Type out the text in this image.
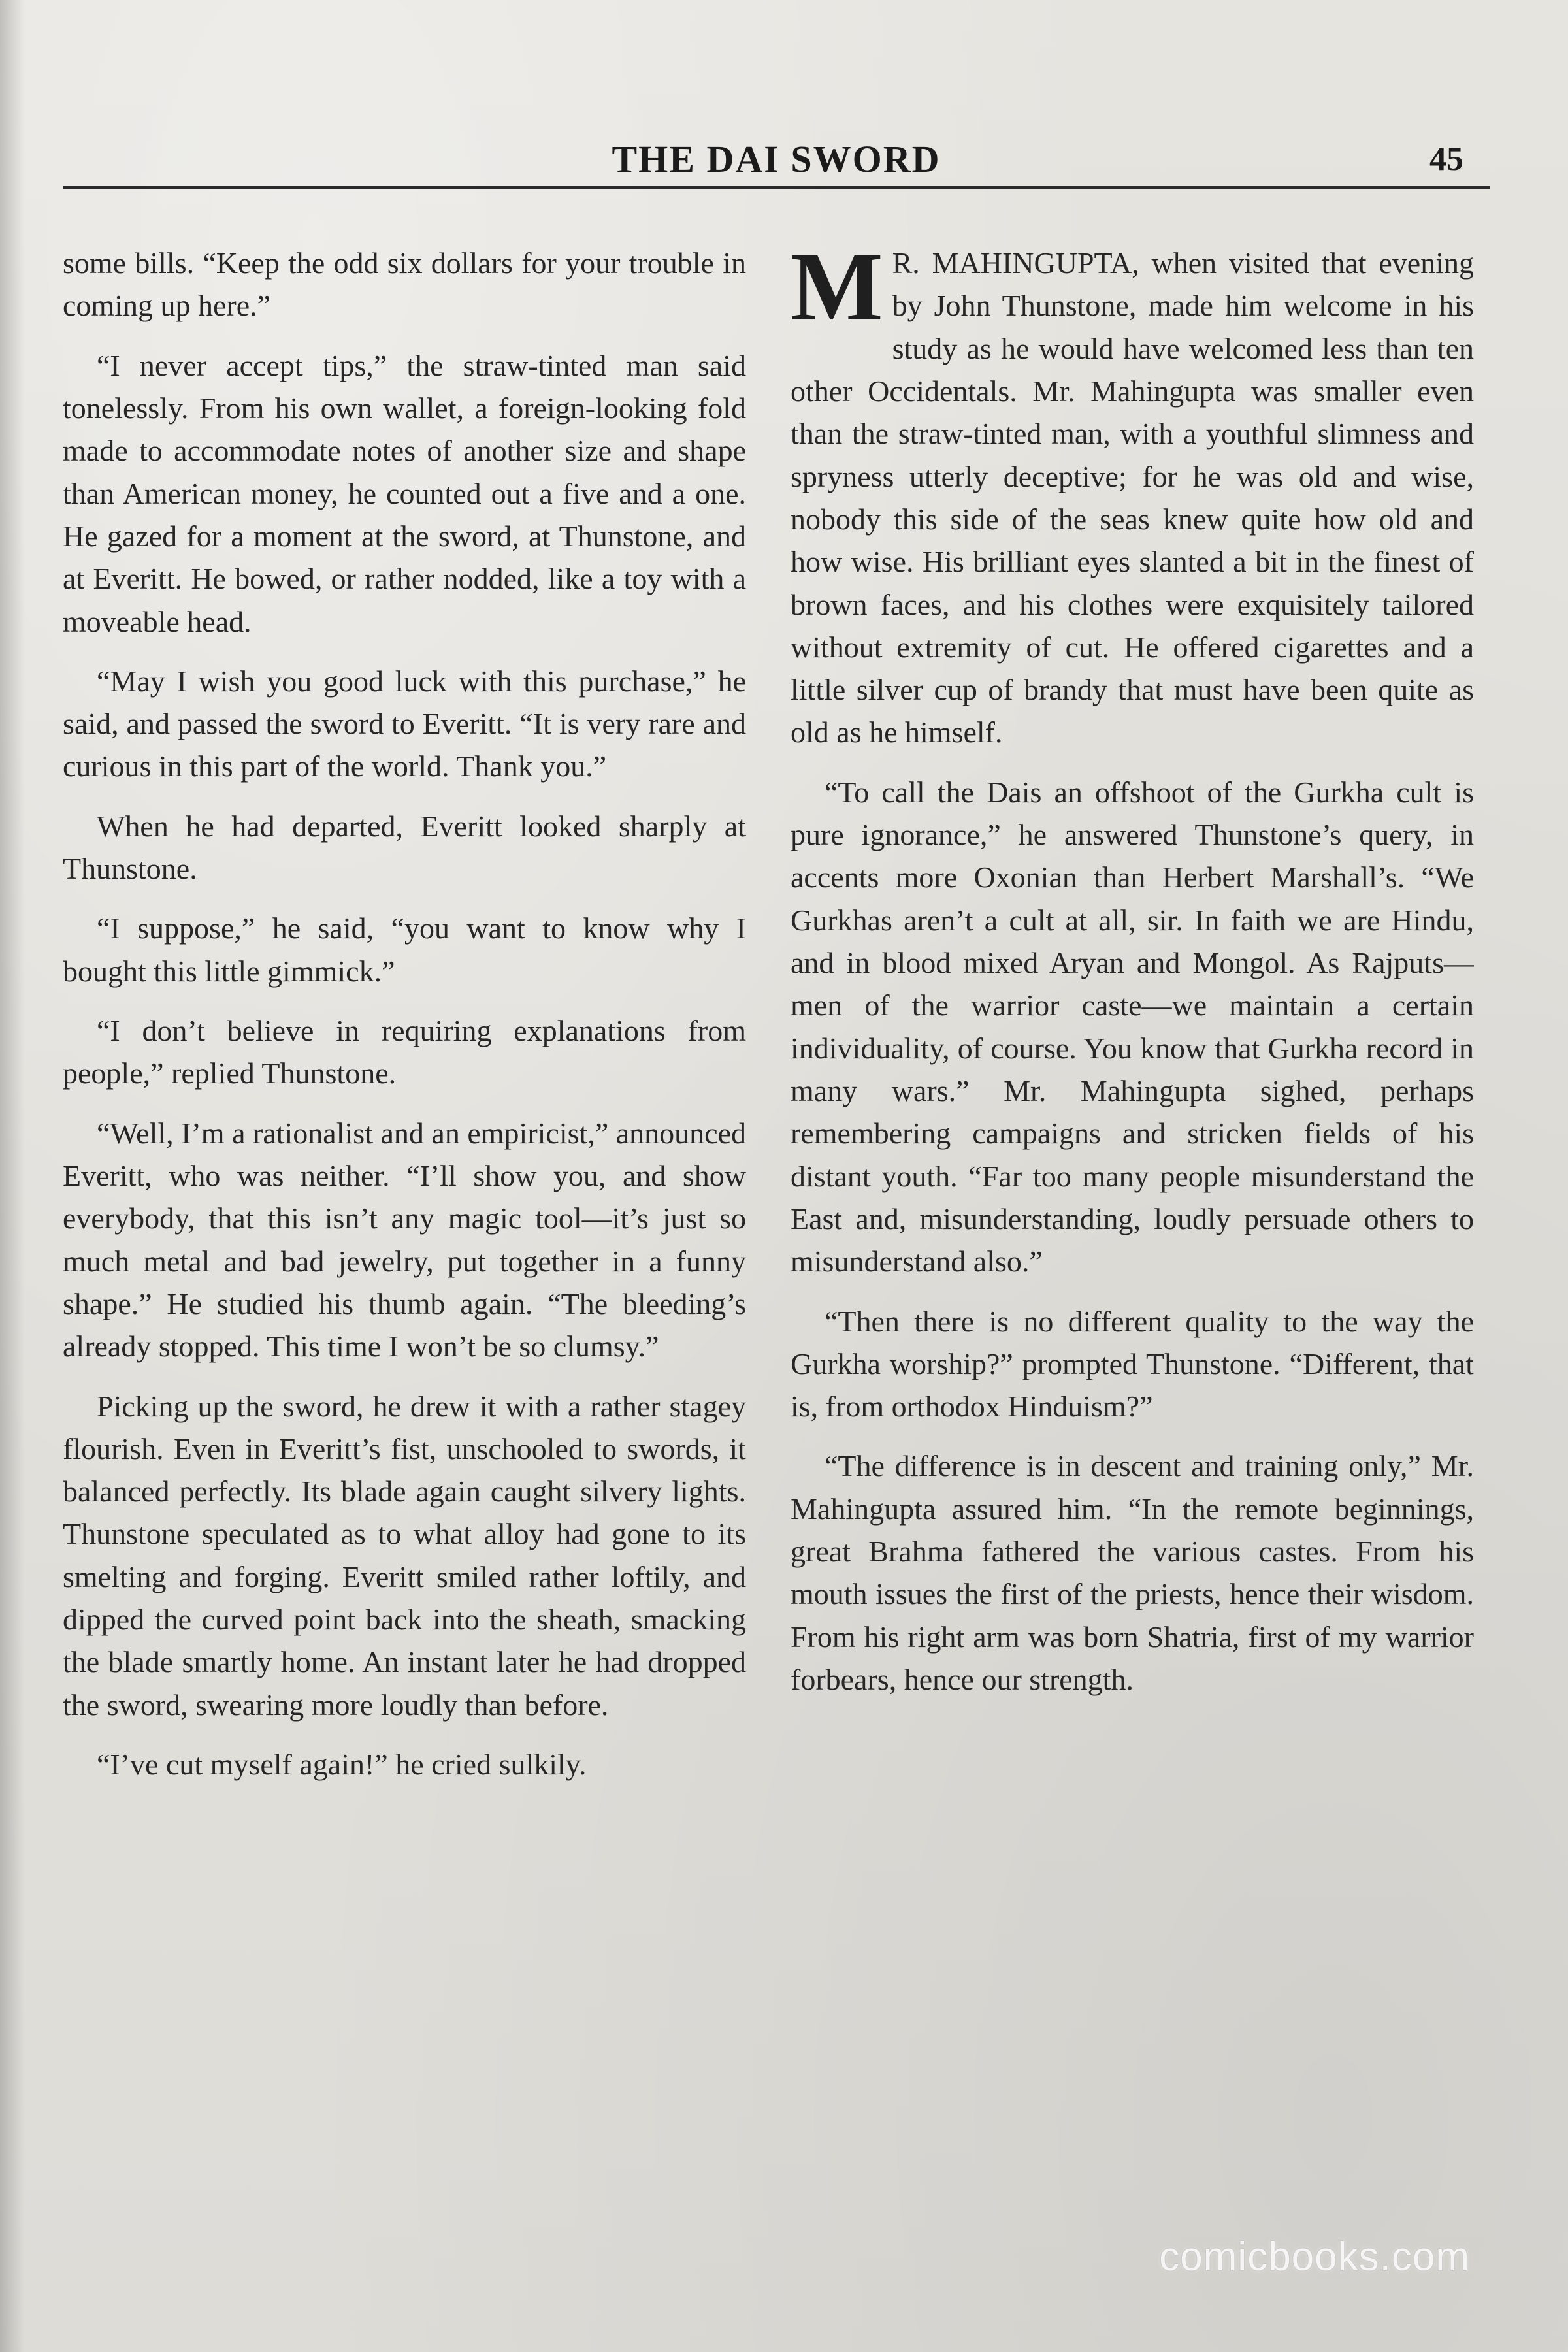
THE DAI SWORD	45

some bills. “Keep the odd six dollars for your trouble in coming up here.”

“I never accept tips,” the straw-tinted man said tonelessly. From his own wallet, a foreign-looking fold made to accommodate notes of another size and shape than American money, he counted out a five and a one. He gazed for a moment at the sword, at Thunstone, and at Everitt. He bowed, or rather nodded, like a toy with a moveable head.

“May I wish you good luck with this purchase,” he said, and passed the sword to Everitt. “It is very rare and curious in this part of the world. Thank you.”

When he had departed, Everitt looked sharply at Thunstone.

“I suppose,” he said, “you want to know why I bought this little gimmick.”

“I don’t believe in requiring explanations from people,” replied Thunstone.

“Well, I’m a rationalist and an empiricist,” announced Everitt, who was neither. “I’ll show you, and show everybody, that this isn’t any magic tool—it’s just so much metal and bad jewelry, put together in a funny shape.” He studied his thumb again. “The bleeding’s already stopped. This time I won’t be so clumsy.”

Picking up the sword, he drew it with a rather stagey flourish. Even in Everitt’s fist, unschooled to swords, it balanced perfectly. Its blade again caught silvery lights. Thunstone speculated as to what alloy had gone to its smelting and forging. Everitt smiled rather loftily, and dipped the curved point back into the sheath, smacking the blade smartly home. An instant later he had dropped the sword, swearing more loudly than before.

“I’ve cut myself again!” he cried sulkily.

M R. MAHINGUPTA, when visited that evening by John Thunstone, made him welcome in his study as he would have welcomed less than ten other Occidentals. Mr. Mahingupta was smaller even than the straw-tinted man, with a youthful slimness and spryness utterly deceptive; for he was old and wise, nobody this side of the seas knew quite how old and how wise. His brilliant eyes slanted a bit in the finest of brown faces, and his clothes were exquisitely tailored without extremity of cut. He offered cigarettes and a little silver cup of brandy that must have been quite as old as he himself.

“To call the Dais an offshoot of the Gurkha cult is pure ignorance,” he answered Thunstone’s query, in accents more Oxonian than Herbert Marshall’s. “We Gurkhas aren’t a cult at all, sir. In faith we are Hindu, and in blood mixed Aryan and Mongol. As Rajputs—men of the warrior caste—we maintain a certain individuality, of course. You know that Gurkha record in many wars.” Mr. Mahingupta sighed, perhaps remembering campaigns and stricken fields of his distant youth. “Far too many people misunderstand the East and, misunderstanding, loudly persuade others to misunderstand also.”

“Then there is no different quality to the way the Gurkha worship?” prompted Thunstone. “Different, that is, from orthodox Hinduism?”

“The difference is in descent and training only,” Mr. Mahingupta assured him. “In the remote beginnings, great Brahma fathered the various castes. From his mouth issues the first of the priests, hence their wisdom. From his right arm was born Shatria, first of my warrior forbears, hence our strength.

comicbooks.com
